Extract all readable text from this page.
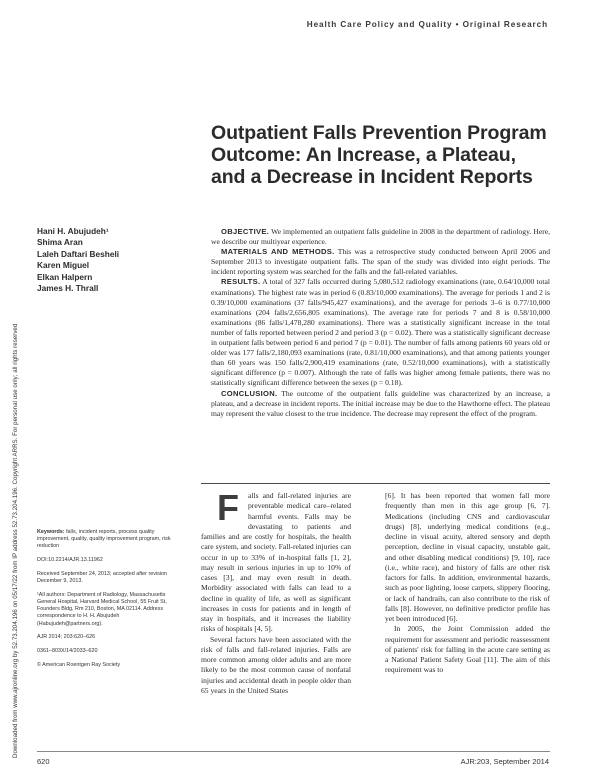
Health Care Policy and Quality • Original Research
Downloaded from www.ajronline.org by 52.73.204.196 on 05/17/22 from IP address 52.73.204.196. Copyright ARRS. For personal use only; all rights reserved
Outpatient Falls Prevention Program Outcome: An Increase, a Plateau, and a Decrease in Incident Reports
Hani H. Abujudeh¹
Shima Aran
Laleh Daftari Besheli
Karen Miguel
Elkan Halpern
James H. Thrall

OBJECTIVE. We implemented an outpatient falls guideline in 2008 in the department of radiology. Here, we describe our multiyear experience.

MATERIALS AND METHODS. This was a retrospective study conducted between April 2006 and September 2013 to investigate outpatient falls. The span of the study was divided into eight periods. The incident reporting system was searched for the falls and the fall-related variables.

RESULTS. A total of 327 falls occurred during 5,080,512 radiology examinations (rate, 0.64/10,000 total examinations). The highest rate was in period 6 (0.83/10,000 examinations). The average for periods 1 and 2 is 0.39/10,000 examinations (37 falls/945,427 examinations), and the average for periods 3–6 is 0.77/10,000 examinations (204 falls/2,656,805 examinations). The average rate for periods 7 and 8 is 0.58/10,000 examinations (86 falls/1,478,280 examinations). There was a statistically significant increase in the total number of falls reported between period 2 and period 3 (p = 0.02). There was a statistically significant decrease in outpatient falls between period 6 and period 7 (p = 0.01). The number of falls among patients 60 years old or older was 177 falls/2,180,093 examinations (rate, 0.81/10,000 examinations), and that among patients younger than 60 years was 150 falls/2,900,419 examinations (rate, 0.52/10,000 examinations), with a statistically significant difference (p = 0.007). Although the rate of falls was higher among female patients, there was no statistically significant difference between the sexes (p = 0.18).

CONCLUSION. The outcome of the outpatient falls guideline was characterized by an increase, a plateau, and a decrease in incident reports. The initial increase may be due to the Hawthorne effect. The plateau may represent the value closest to the true incidence. The decrease may represent the effect of the program.

Keywords: falls, incident reports, process quality improvement, quality, quality improvement program, risk reduction

DOI:10.2214/AJR.13.11962

Received September 24, 2013; accepted after revision December 9, 2013.

¹All authors: Department of Radiology, Massachusetts General Hospital, Harvard Medical School, 55 Fruit St, Founders Bldg, Rm 210, Boston, MA 02114. Address correspondence to H. H. Abujudeh (Habujudeh@partners.org).

AJR 2014; 203:620–626

0361–803X/14/2033–620

© American Roentgen Ray Society

F alls and fall-related injuries are preventable medical care–related harmful events. Falls may be devastating to patients and families and are costly for hospitals, the health care system, and society. Fall-related injuries can occur in up to 33% of in-hospital falls [1, 2], may result in serious injuries in up to 10% of cases [3], and may even result in death. Morbidity associated with falls can lead to a decline in quality of life, as well as significant increases in costs for patients and in length of stay in hospitals, and it increases the liability risks of hospitals [4, 5].

Several factors have been associated with the risk of falls and fall-related injuries. Falls are more common among older adults and are more likely to be the most common cause of nonfatal injuries and accidental death in people older than 65 years in the United States

[6]. It has been reported that women fall more frequently than men in this age group [6, 7]. Medications (including CNS and cardiovascular drugs) [8], underlying medical conditions (e.g., decline in visual acuity, altered sensory and depth perception, decline in visual capacity, unstable gait, and other disabling medical conditions) [9, 10], race (i.e., white race), and history of falls are other risk factors for falls. In addition, environmental hazards, such as poor lighting, loose carpets, slippery flooring, or lack of handrails, can also contribute to the risk of falls [8]. However, no definitive predictor profile has yet been introduced [6].

In 2005, the Joint Commission added the requirement for assessment and periodic reassessment of patients' risk for falling in the acute care setting as a National Patient Safety Goal [11]. The aim of this requirement was to

620	AJR:203, September 2014
